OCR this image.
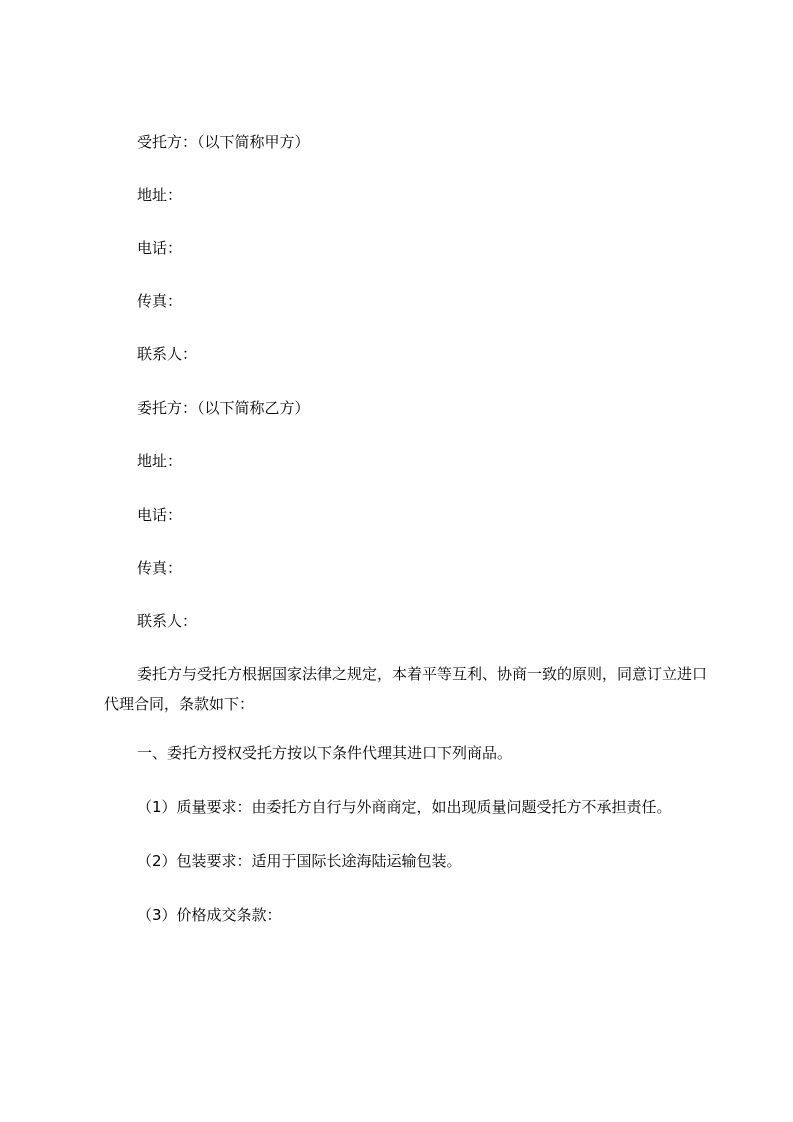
受托方：（以下简称甲方）
地址：
电话：
传真：
联系人：
委托方：（以下简称乙方）
地址：
电话：
传真：
联系人：
委托方与受托方根据国家法律之规定，本着平等互利、协商一致的原则，同意订立进口代理合同，条款如下：
一、委托方授权受托方按以下条件代理其进口下列商品。
（1）质量要求：由委托方自行与外商商定，如出现质量问题受托方不承担责任。
（2）包装要求：适用于国际长途海陆运输包装。
（3）价格成交条款：
